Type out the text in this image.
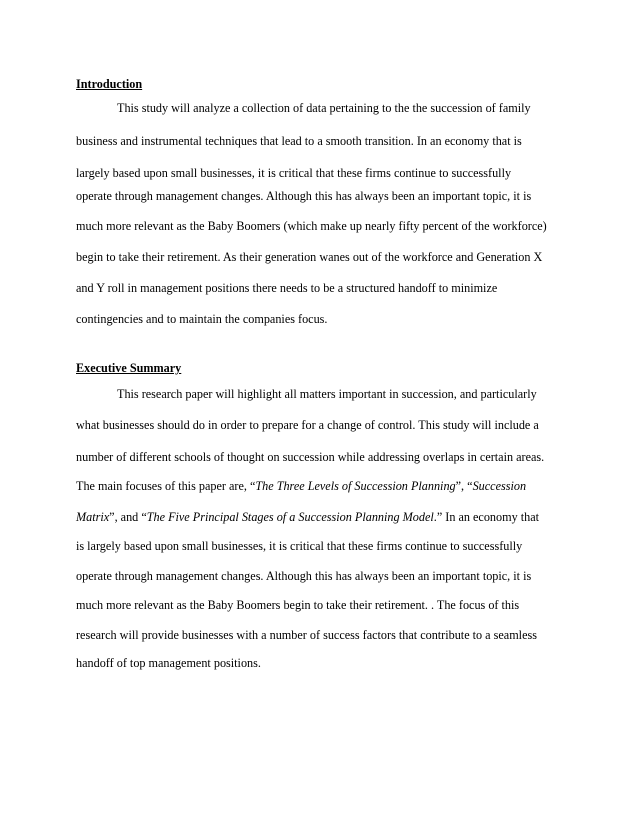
Introduction
This study will analyze a collection of data pertaining to the the succession of family
business and instrumental techniques that lead to a smooth transition. In an economy that is
largely based upon small businesses, it is critical that these firms continue to successfully
operate through management changes. Although this has always been an important topic, it is
much more relevant as the Baby Boomers (which make up nearly fifty percent of the workforce)
begin to take their retirement. As their generation wanes out of the workforce and Generation X
and Y roll in management positions there needs to be a structured handoff to minimize
contingencies and to maintain the companies focus.
Executive Summary
This research paper will highlight all matters important in succession, and particularly
what businesses should do in order to prepare for a change of control. This study will include a
number of different schools of thought on succession while addressing overlaps in certain areas.
The main focuses of this paper are, “The Three Levels of Succession Planning”, “Succession
Matrix”, and “The Five Principal Stages of a Succession Planning Model.” In an economy that
is largely based upon small businesses, it is critical that these firms continue to successfully
operate through management changes. Although this has always been an important topic, it is
much more relevant as the Baby Boomers begin to take their retirement. . The focus of this
research will provide businesses with a number of success factors that contribute to a seamless
handoff of top management positions.
